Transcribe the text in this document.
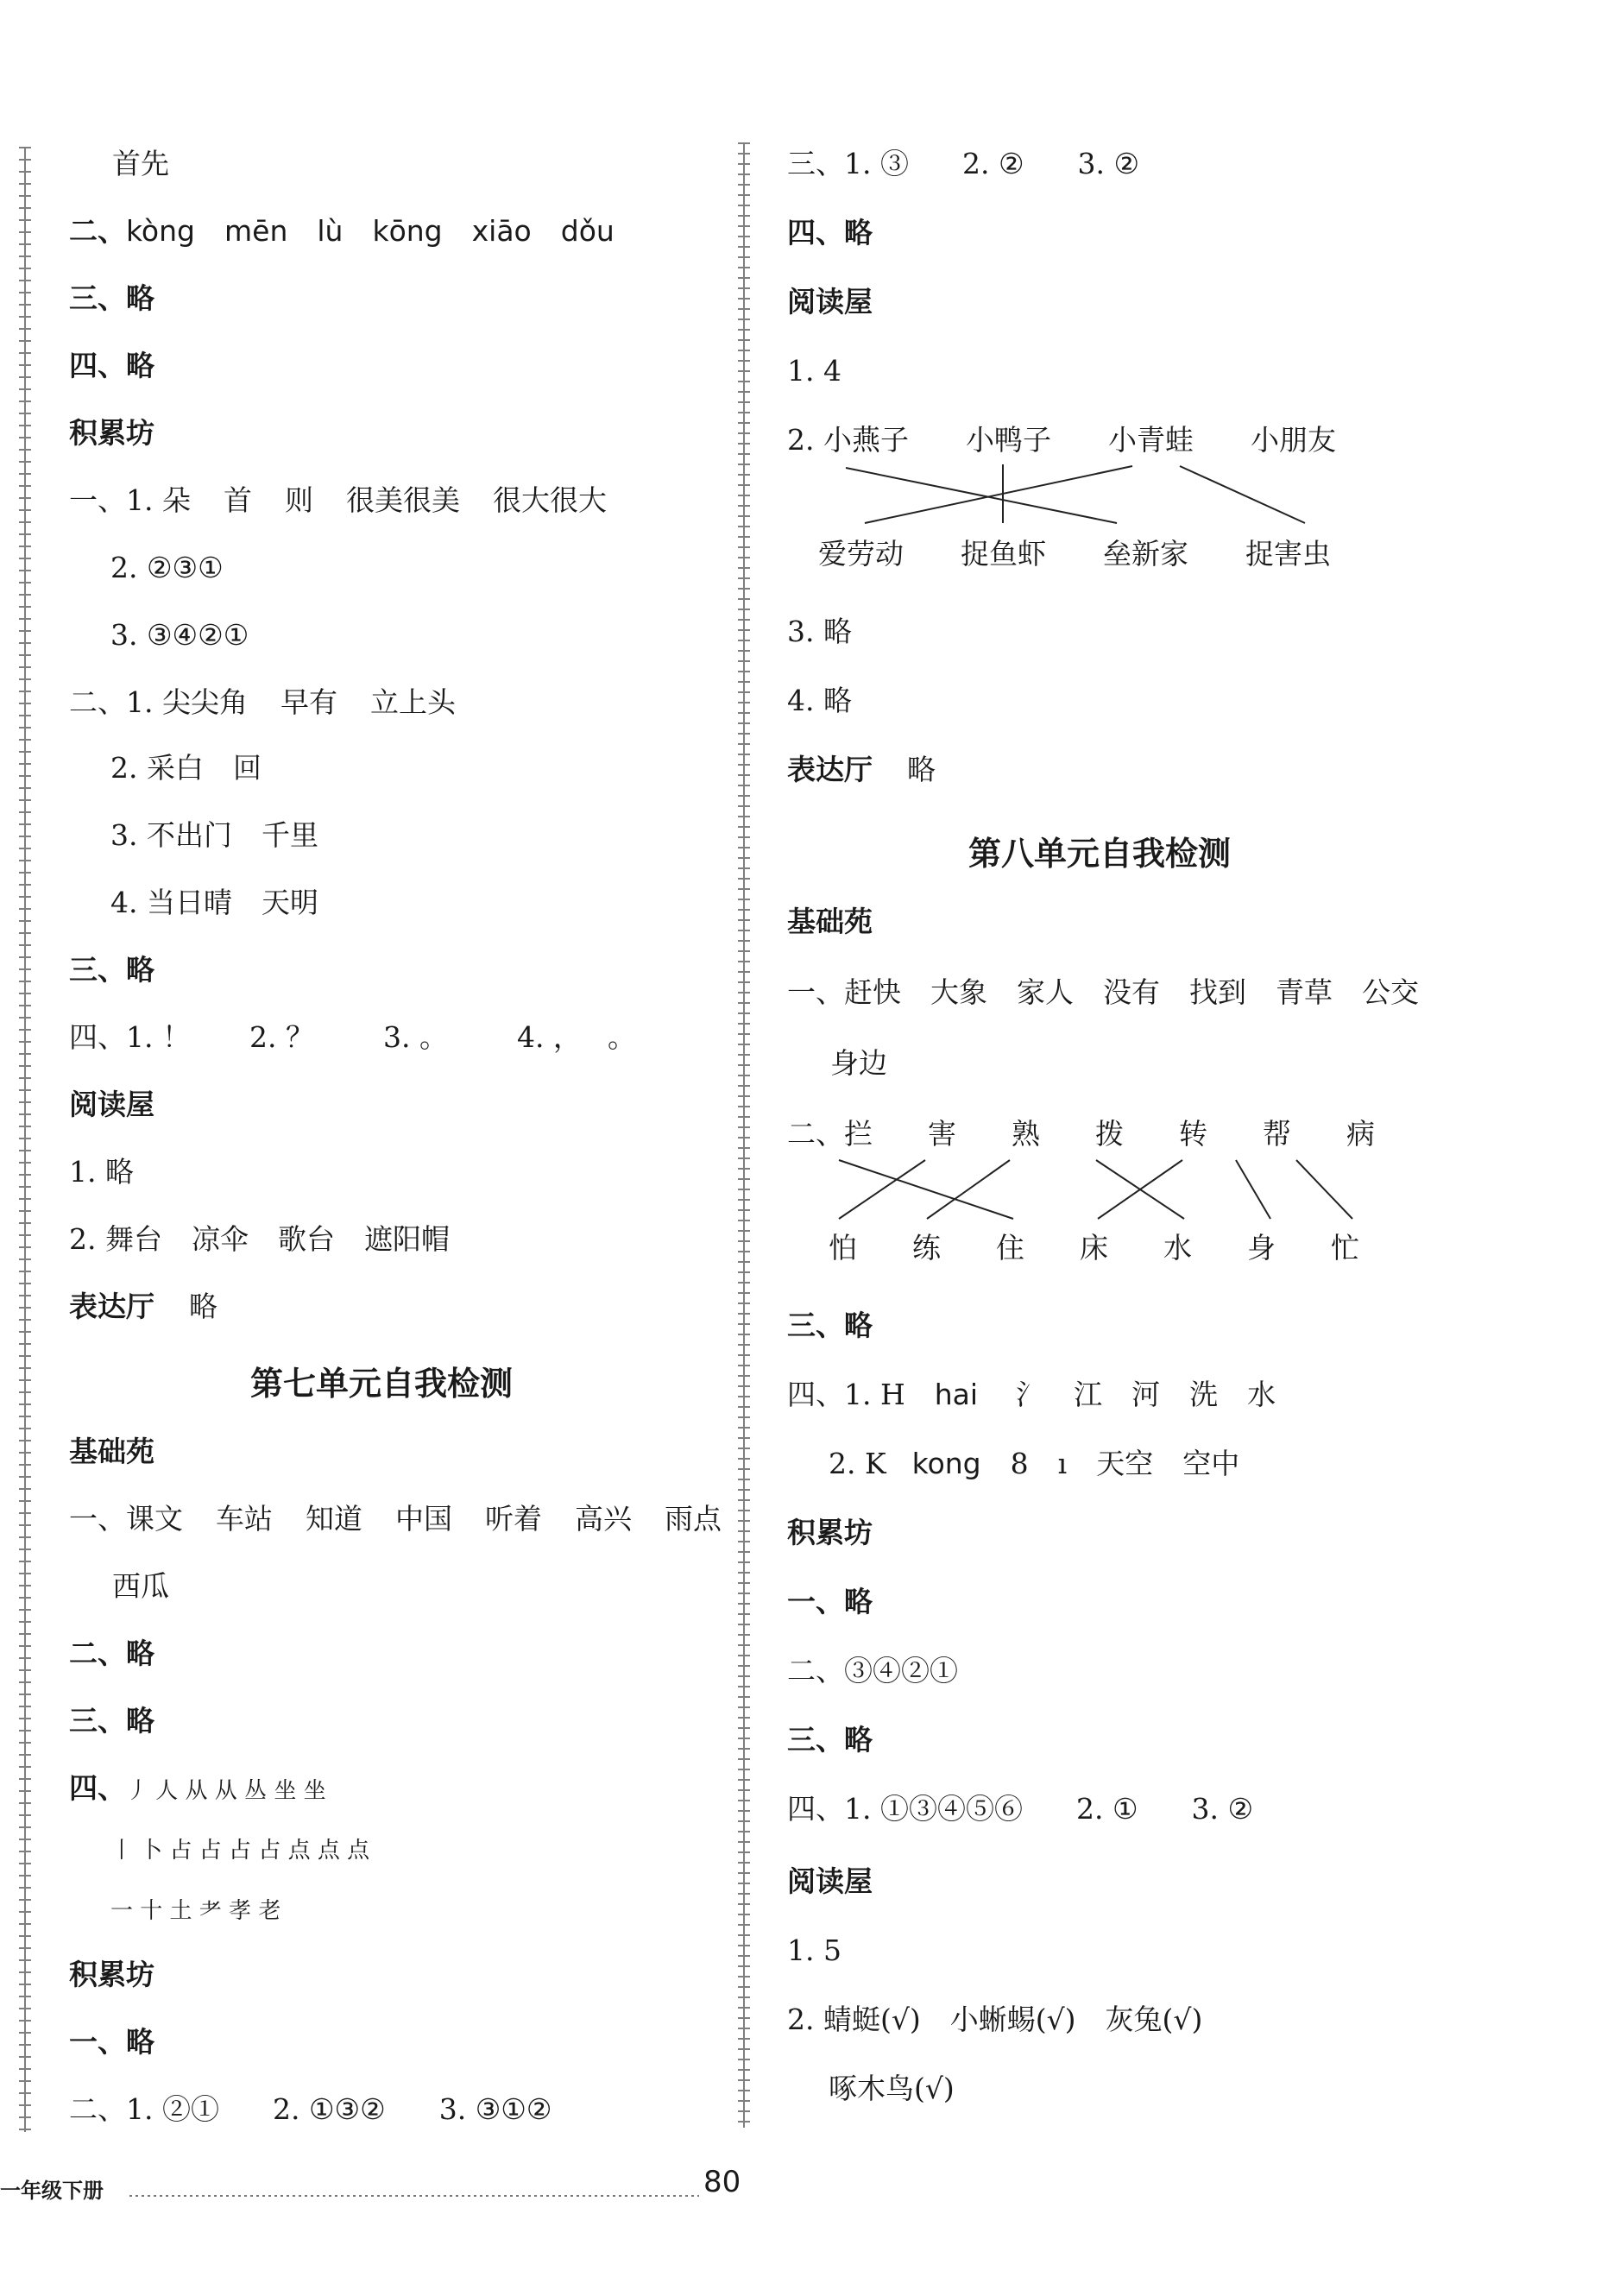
首先
二、kòng mēn lù kōng xiāo dǒu
三、略
四、略
积累坊
一、1. 朵 首 则 很美很美 很大很大
2. ②③①
3. ③④②①
二、1. 尖尖角 早有 立上头
2. 采白 回
3. 不出门 千里
4. 当日晴 天明
三、略
四、1. ！ 2. ？ 3. 。 4. ， 。
阅读屋
1. 略
2. 舞台 凉伞 歌台 遮阳帽
表达厅 略
第七单元自我检测
基础苑
一、课文 车站 知道 中国 听着 高兴 雨点
西瓜
二、略
三、略
四、丿 人 从 从 丛 坐 坐
丨 卜 占 占 占 占 点 点 点
一 十 土 耂 孝 老
积累坊
一、略
二、1. ②① 2. ①③② 3. ③①②
三、1. ③ 2. ② 3. ②
四、略
阅读屋
1. 4
2. 小燕子 小鸭子 小青蛙 小朋友
爱劳动 捉鱼虾 垒新家 捉害虫
3. 略
4. 略
表达厅 略
第八单元自我检测
基础苑
一、赶快 大象 家人 没有 找到 青草 公交
身边
二、拦 害 熟 拨 转 帮 病
怕 练 住 床 水 身 忙
三、略
四、1. H hai 氵 江 河 洗 水
2. K kong 8 ı 天空 空中
积累坊
一、略
二、③④②①
三、略
四、1. ①③④⑤⑥ 2. ① 3. ②
阅读屋
1. 5
2. 蜻蜓(√) 小蜥蜴(√) 灰兔(√)
啄木鸟(√)
一年级下册	80
